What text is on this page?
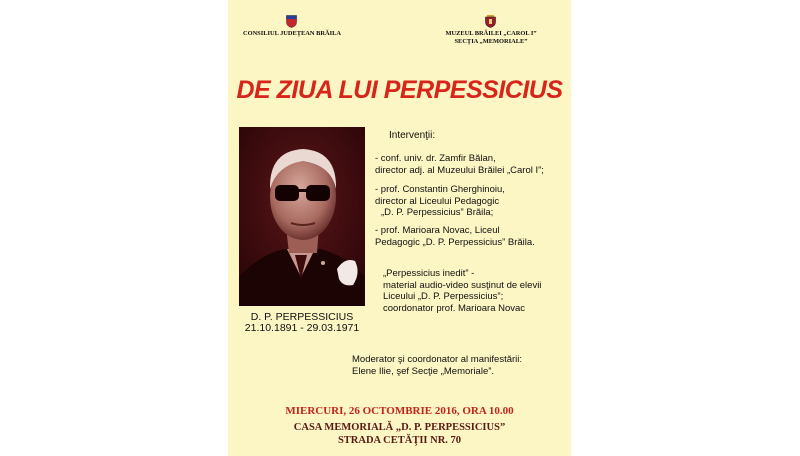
CONSILIUL JUDEŢEAN BRĂILA	MUZEUL BRĂILEI „CAROL I”
SECŢIA „MEMORIALE”
DE ZIUA LUI PERPESSICIUS
D. P. PERPESSICIUS
21.10.1891 - 29.03.1971
Intervenţii:
- conf. univ. dr. Zamfir Bălan,
director adj. al Muzeului Brăilei „Carol I”;
- prof. Constantin Gherghinoiu,
director al Liceului Pedagogic
„D. P. Perpessicius” Brăila;
- prof. Marioara Novac, Liceul
Pedagogic „D. P. Perpessicius” Brăila.
„Perpessicius inedit” -
material audio-video susţinut de elevii
Liceului „D. P. Perpessicius”;
coordonator prof. Marioara Novac
Moderator şi coordonator al manifestării:
Elene Ilie, şef Secţie „Memoriale”.
MIERCURI, 26 OCTOMBRIE 2016, ORA 10.00
CASA MEMORIALĂ „D. P. PERPESSICIUS”
STRADA CETĂŢII NR. 70
